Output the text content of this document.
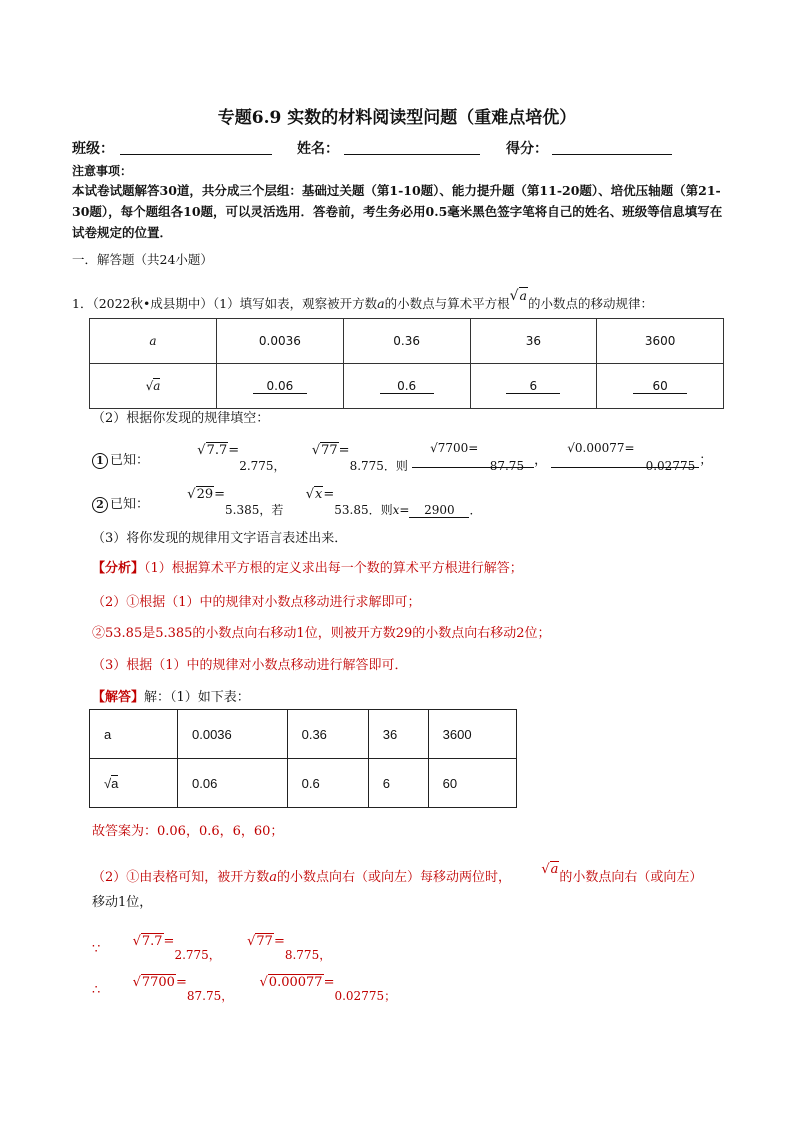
专题6.9 实数的材料阅读型问题（重难点培优）
班级：	姓名：	得分：
注意事项：
本试卷试题解答30道，共分成三个层组：基础过关题（第1-10题）、能力提升题（第11-20题）、培优压轴题（第21-30题），每个题组各10题，可以灵活选用．答卷前，考生务必用0.5毫米黑色签字笔将自己的姓名、班级等信息填写在试卷规定的位置．
一．解答题（共24小题）
1．（2022秋•成县期中）（1）填写如表，观察被开方数a的小数点与算术平方根√a的小数点的移动规律：
a	0.0036	0.36	36	3600
√a	0.06	0.6	6	60
（2）根据你发现的规律填空：
1 已知：  √7.7=2.775，  √77=8.775．则
√7700=
87.75 ，
√0.00077=
0.02775 ；
2 已知：  √29=5.385，若  √x=53.85．则x= 2900 ．
（3）将你发现的规律用文字语言表述出来．
【分析】（1）根据算术平方根的定义求出每一个数的算术平方根进行解答；
（2）①根据（1）中的规律对小数点移动进行求解即可；
②53.85是5.385的小数点向右移动1位，则被开方数29的小数点向右移动2位；
（3）根据（1）中的规律对小数点移动进行解答即可．
【解答】解：（1）如下表：
a	0.0036	0.36	36	3600
√a	0.06	0.6	6	60
故答案为：0.06，0.6，6，60；
（2）①由表格可知，被开方数a的小数点向右（或向左）每移动两位时，  √a的小数点向右（或向左）
移动1位，
∵  √7.7=2.775，  √77=8.775，
∴  √7700=87.75，  √0.00077=0.02775；
